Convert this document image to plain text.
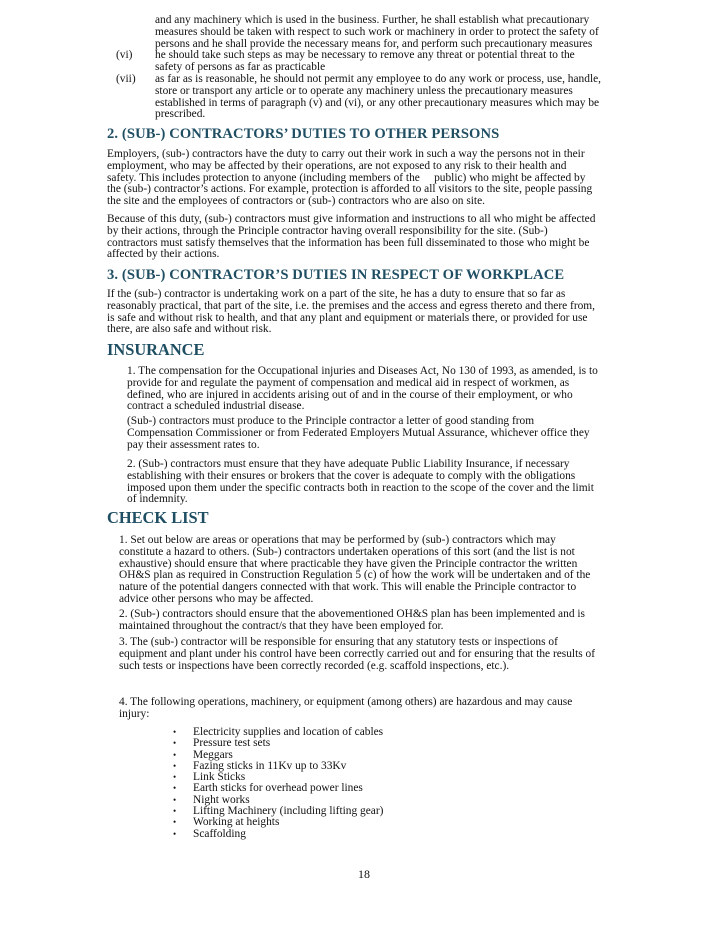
and any machinery which is used in the business. Further, he shall establish what precautionary
measures should be taken with respect to such work or machinery in order to protect the safety of
persons and he shall provide the necessary means for, and perform such precautionary measures
(vi)	he should take such steps as may be necessary to remove any threat or potential threat to the
safety of persons as far as practicable
(vii)	as far as is reasonable, he should not permit any employee to do any work or process, use, handle,
store or transport any article or to operate any machinery unless the precautionary measures
established in terms of paragraph (v) and (vi), or any other precautionary measures which may be
prescribed.
2. (SUB-) CONTRACTORS’ DUTIES TO OTHER PERSONS
Employers, (sub-) contractors have the duty to carry out their work in such a way the persons not in their
employment, who may be affected by their operations, are not exposed to any risk to their health and
safety. This includes protection to anyone (including members of the     public) who might be affected by
the (sub-) contractor’s actions. For example, protection is afforded to all visitors to the site, people passing
the site and the employees of contractors or (sub-) contractors who are also on site.
Because of this duty, (sub-) contractors must give information and instructions to all who might be affected
by their actions, through the Principle contractor having overall responsibility for the site. (Sub-)
contractors must satisfy themselves that the information has been full disseminated to those who might be
affected by their actions.
3. (SUB-) CONTRACTOR’S DUTIES IN RESPECT OF WORKPLACE
If the (sub-) contractor is undertaking work on a part of the site, he has a duty to ensure that so far as
reasonably practical, that part of the site, i.e. the premises and the access and egress thereto and there from,
is safe and without risk to health, and that any plant and equipment or materials there, or provided for use
there, are also safe and without risk.
INSURANCE
1. The compensation for the Occupational injuries and Diseases Act, No 130 of 1993, as amended, is to
provide for and regulate the payment of compensation and medical aid in respect of workmen, as
defined, who are injured in accidents arising out of and in the course of their employment, or who
contract a scheduled industrial disease.
(Sub-) contractors must produce to the Principle contractor a letter of good standing from
Compensation Commissioner or from Federated Employers Mutual Assurance, whichever office they
pay their assessment rates to.
2. (Sub-) contractors must ensure that they have adequate Public Liability Insurance, if necessary
establishing with their ensures or brokers that the cover is adequate to comply with the obligations
imposed upon them under the specific contracts both in reaction to the scope of the cover and the limit
of indemnity.
CHECK LIST
1. Set out below are areas or operations that may be performed by (sub-) contractors which may
constitute a hazard to others. (Sub-) contractors undertaken operations of this sort (and the list is not
exhaustive) should ensure that where practicable they have given the Principle contractor the written
OH&S plan as required in Construction Regulation 5 (c) of how the work will be undertaken and of the
nature of the potential dangers connected with that work. This will enable the Principle contractor to
advice other persons who may be affected.
2. (Sub-) contractors should ensure that the abovementioned OH&S plan has been implemented and is
maintained throughout the contract/s that they have been employed for.
3. The (sub-) contractor will be responsible for ensuring that any statutory tests or inspections of
equipment and plant under his control have been correctly carried out and for ensuring that the results of
such tests or inspections have been correctly recorded (e.g. scaffold inspections, etc.).
4. The following operations, machinery, or equipment (among others) are hazardous and may cause
injury:
• Electricity supplies and location of cables
• Pressure test sets
• Meggars
• Fazing sticks in 11Kv up to 33Kv
• Link Sticks
• Earth sticks for overhead power lines
• Night works
• Lifting Machinery (including lifting gear)
• Working at heights
• Scaffolding
18
